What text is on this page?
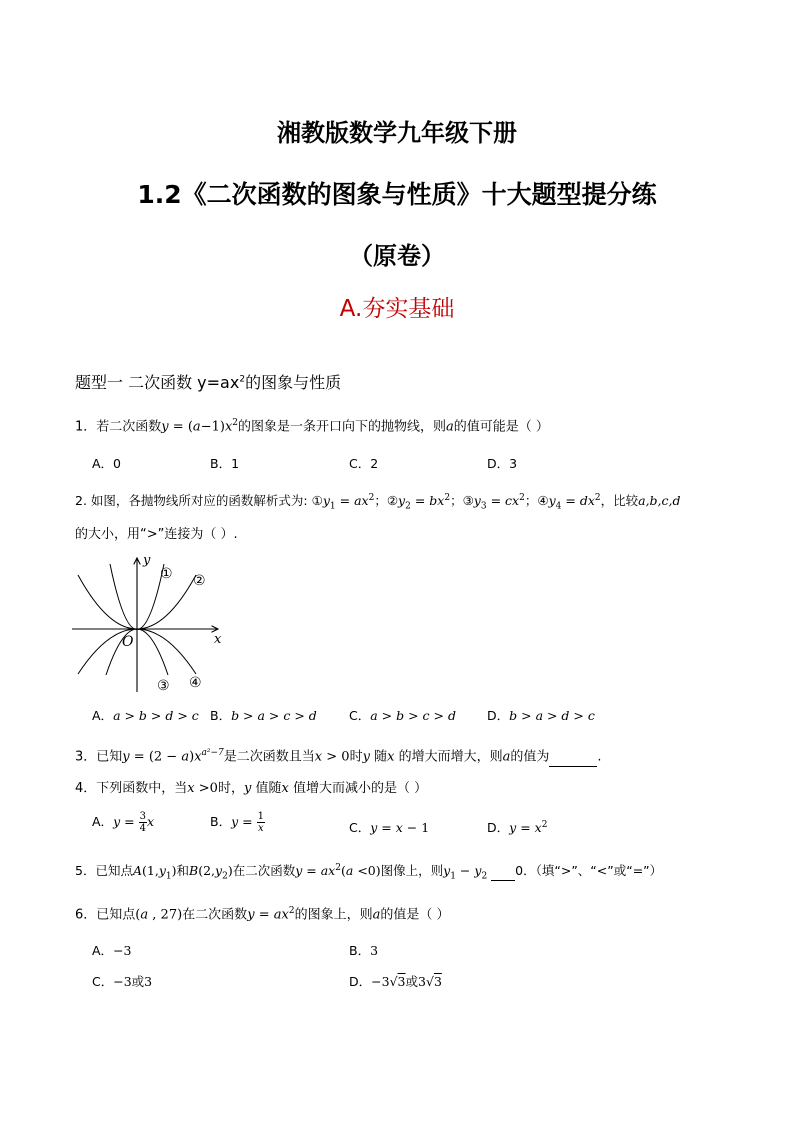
湘教版数学九年级下册
1.2《二次函数的图象与性质》十大题型提分练
（原卷）
A.夯实基础
题型一 二次函数 $y=ax^2$的图象与性质
1．若二次函数$y = (a-1)x^2$的图象是一条开口向下的抛物线，则a的值可能是（ ）
A．0	B．1	C．2	D．3
2. 如图，各抛物线所对应的函数解析式为: $①y_1 = ax^2$；$②y_2 = bx^2$；$③y_3 = cx^2$；$④y_4 = dx^2$，比较a,b,c,d
的大小，用“>”连接为（ ）.
y
x
O
① ②
③ ④
A．a > b > d > c B．b > a > c > d	C．a > b > c > d D．b > a > d > c
3．已知$y = (2 - a)x^{a^2-7}$是二次函数且当x > 0时y 随x 的增大而增大，则a的值为	.
4．下列函数中，当x >0时，y 值随x 值增大而减小的是（ ）
A．$y = \frac{3}{4}$ x	B．$y = \frac{1}{x}$	C．y = x − 1	D．$y = x^2$
5．已知点$A(1,y_1)$和$B(2,y_2)$在二次函数$y = ax^2(a <0)$图像上，则$y_1 - y_2$ 0．（填“>”、“<”或“=”）
6．已知点(a , 27)在二次函数$y = ax^2$的图象上，则a的值是（ ）
A．−3	B．3
C．−3或3	D．−3√3或3√3
